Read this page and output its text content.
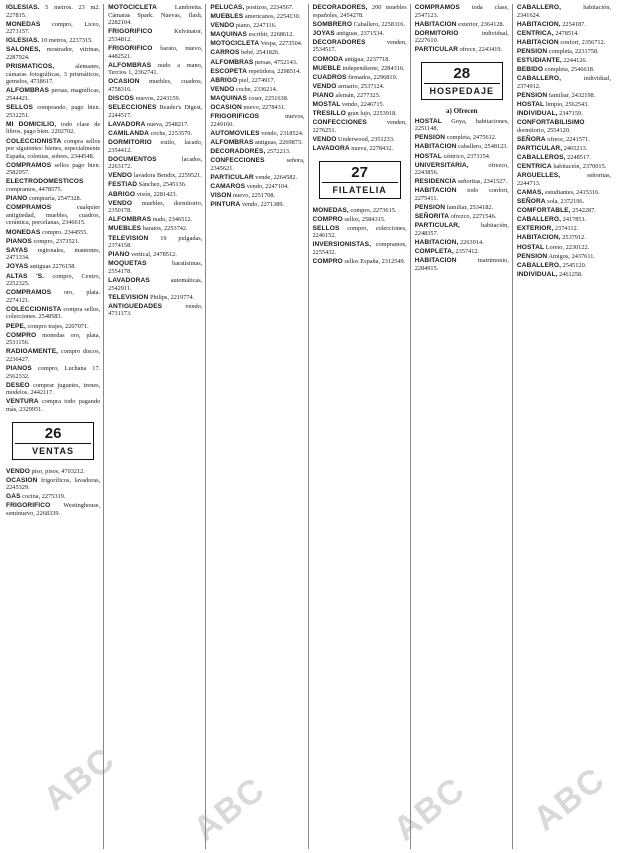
ABC ABC	ABC ABC

IGLESIAS. 5 metros. 23 m2. 227815.

MONEDAS compro, Liceo, 2273157.

IGLESIAS. 10 metros, 2237315.

SALONES, mostrador, vitrinas, 2287924.

PRISMATICOS,	alemanes, cámaras fotográficas, 3 prismáticos, gemelos, 4738617.

ALFOMBRAS persas, magníficas, 2544421.

SELLOS comprando, pago bien. 2532251.

MI DOMICILIO, todo clase de libros, pago bien. 2202702.

COLECCIONISTA compra sellos por siguientes: bienes, especialmente España, colonias, sobres, 2344548.

COMPRAMOS sellos pago bien. 2582957.

ELECTRODOMESTICOS compramos, 4478575.

PIANO compraría, 2547328.

COMPRAMOS	cualquier antigüedad, muebles, cuadros, cerámica, porcelanas, 2346615.

MONEDAS compro. 2344555.

PIANOS compro, 2373521.

SAYAS regionales, mantones, 2471334.

JOYAS antiguas 2276158.

ALTAS 'S. compro, Centro, 2252325.

COMPRAMOS oro, plata. 2274121.

COLECCIONISTA compra sellos, colecciones. 2548583.

PEPE, compro trajes, 2207071.

COMPRO monedas oro, plata, 2531156.

RADIOAMENTE, compro discos, 2236427.

PIANOS compro, Luchana 17. 2562332.

DESEO comprar juguetes, trenes, modelos. 2442117.

VENTURA compra todo pagando más, 2329951.

26
VENTAS

VENDO piso, pisos, 4703212.

OCASION frigoríficos, lavadoras, 2245329.

GAS cocina, 2275319.

FRIGORIFICO Westinghouse, seminuevo, 2268339.

MOTOCICLETA	Lambretta. Cámaras Spark. Nuevas, flash, 2282104.

FRIGORIFICO	Kelvinator, 2534812.

FRIGORIFICO barato, nuevo, 4482521.

ALFOMBRAS nudo a mano, Tercios 1, 2362741.

OCASION muebles, cuadros, 4758316.

DISCOS nuevos, 2243159.

SELECCIONES Reader's Digest, 2244517.

LAVADORA nueva, 2548217.

CAMILANDA coche, 2253579.

DORMITORIO estilo, lacado, 2354412.

DOCUMENTOS	lacados, 2263172.

VENDO lavadora Bendix, 2259521.

FESTIAD Sánchez, 2545136.

ABRIGO visón, 2281423.

VENDO muebles, dormitorio, 2350178.

ALFOMBRAS nudo, 2346512.

MUEBLES baratos, 2253742.

TELEVISION 19 pulgadas, 2374158.

PIANO vertical, 2478512.

MOQUETAS	baratísimas, 2554178.

LAVADORAS	automáticas, 2542911.

TELEVISION Philips, 2219774.

ANTIGUEDADES	vendo, 4731173.

PELUCAS, postizos, 2234567.

MUEBLES americanos, 2254130.

VENDO piano, 2247116.

MAQUINAS escribir, 2268612.

MOTOCICLETA Vespa, 2273504.

CARROS bebé, 2541826.

ALFOMBRAS persas, 4752143.

ESCOPETA repetidora, 2298514.

ABRIGO piel, 2274917.

VENDO coche, 2336214.

MAQUINAS coser, 2251638.

OCASION nuevo, 2278431.

FRIGORIFICOS	nuevos, 2249160.

AUTOMOVILES vendo, 2318524.

ALFOMBRAS antiguas, 2269873.

DECORADORES, 2572213.

CONFECCIONES	señora, 2345621.

PARTICULAR vende, 2264582.

CAMAROS vendo, 2247104.

VISON nuevo, 2251708.

PINTURA vendo, 2271389.

DECORADORES, 200 muebles españoles, 2454278.

SOMBRERO Caballero, 2258316.

JOYAS antiguas, 2371534.

DECORADORES	venden, 2534517.

COMODA antigua, 2237718.

MUEBLE independiente, 2284316.

CUADROS firmados, 2296810.

VENDO armario, 2537124.

PIANO alemán, 2277325.

MOSTAL vendo, 2246715.

TRESILLO gran lujo, 2253918.

CONFECCIONES	venden, 2276251.

VENDO Underwood, 2351233.

LAVADORA nueva, 2278432.

27
FILATELIA

MONEDAS, compro, 2273615.

COMPRO sellos, 2584315.

SELLOS compro, colecciones, 2246152.

INVERSIONISTAS, compramos, 2255432.

COMPRO sellos España, 2312549.

COMPRAMOS toda clase, 2547123.

HABITACION exterior, 2364128.

DORMITORIO	individual, 2227610.

PARTICULAR ofrece, 2243419.

28
HOSPEDAJE
a) Ofrecen

HOSTAL Goya, habitaciones, 2251148.

PENSION completa, 2475612.

HABITACION caballero, 2548123.

HOSTAL céntrico, 2373154.

UNIVERSITARIA,	ofrezco, 2243856.

RESIDENCIA señoritas, 2341527.

HABITACION todo confort, 2275411.

PENSION familiar, 2534182.

SEÑORITA ofrezco, 2271546.

PARTICULAR,	habitación, 2248357.

HABITACION, 2263914.

COMPLETA, 2357412.

HABITACION	matrimonio, 2284915.

CABALLERO,	habitación, 2341624.

HABITACION, 2254187.

CENTRICA, 2478514.

HABITACION confort, 2356712.

PENSION completa, 2231758.

ESTUDIANTE, 2244126.

BEBIDO completa, 2546618.

CABALLERO,	individual, 2374912.

PENSION familiar, 2432198.

HOSTAL limpio, 2562543.

INDIVIDUAL, 2347159.

CONFORTABILISIMO dormitorio, 2554120.

SEÑORA ofrece, 2241571.

PARTICULAR, 2465213.

CABALLEROS, 2248517.

CENTRICA habitación, 2370015.

ARGUELLES,	señoritas, 2244713.

CAMAS, estudiantes, 2415316.

SEÑORA sola, 2372196.

COMFORTABLE, 2542287.

CABALLERO, 2417851.

EXTERIOR, 2374112.

HABITACION, 2537912.

HOSTAL Loreto, 2230122.

PENSION Amigos, 2437611.

CABALLERO, 2545120.

INDIVIDUAL, 2461258.
